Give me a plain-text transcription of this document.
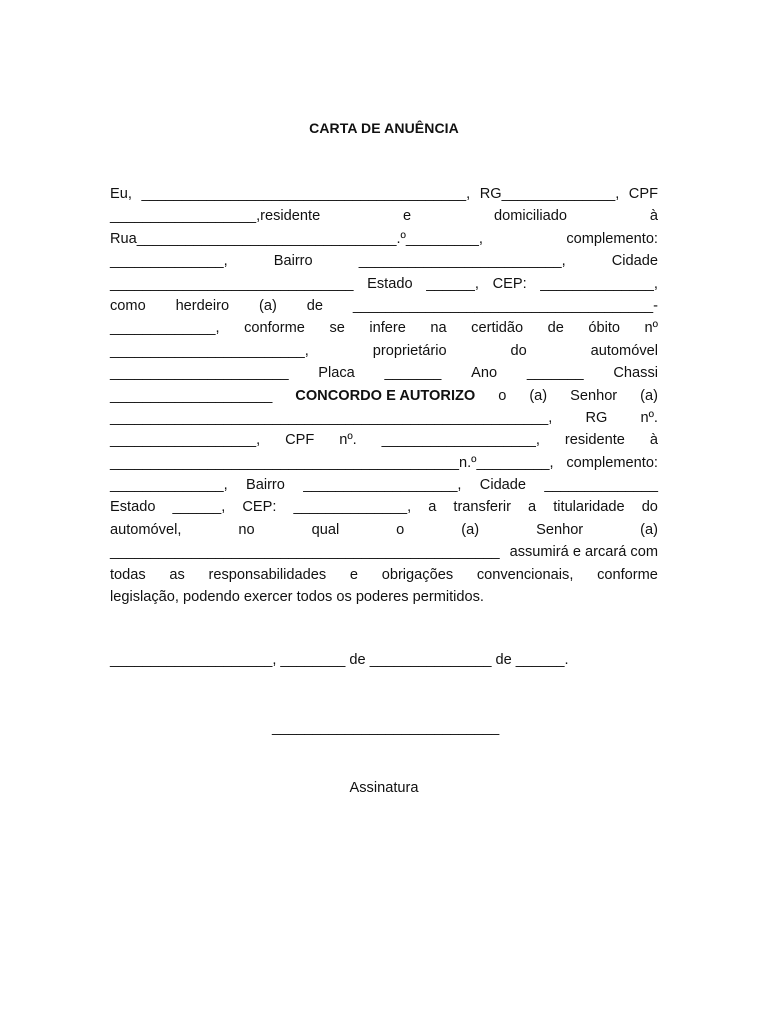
CARTA DE ANUÊNCIA
Eu, ________________________________________, RG______________, CPF
__________________,residente	e	domiciliado	à
Rua________________________________.º_________,	complemento:
______________,	Bairro	_________________________,	Cidade
______________________________ Estado ______, CEP: ______________,
como herdeiro (a) de _____________________________________-
_____________, conforme se infere na certidão de óbito nº
________________________,	proprietário	do	automóvel
______________________ Placa _______ Ano _______ Chassi
____________________ CONCORDO E AUTORIZO o (a) Senhor (a)
______________________________________________________, RG nº.
__________________, CPF nº. ___________________, residente à
___________________________________________n.º_________, complemento:
______________, Bairro ___________________, Cidade ______________
Estado ______, CEP: ______________, a transferir a titularidade do
automóvel,	no	qual	o	(a)	Senhor	(a)
________________________________________________ assumirá e arcará com
todas as responsabilidades e obrigações convencionais, conforme
legislação, podendo exercer todos os poderes permitidos.
____________________, ________ de _______________ de ______.
____________________________
Assinatura
